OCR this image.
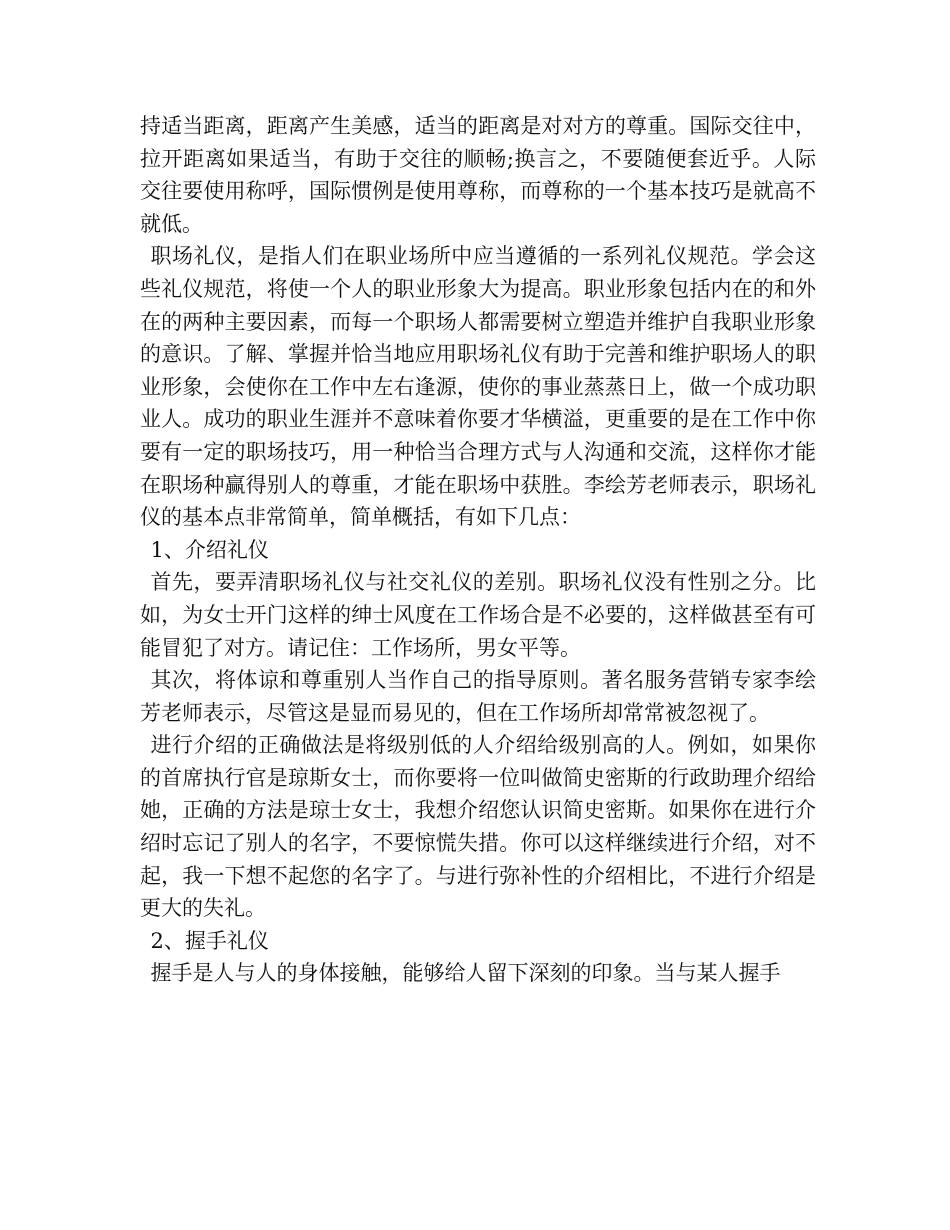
持适当距离，距离产生美感，适当的距离是对对方的尊重。国际交往中，拉开距离如果适当，有助于交往的顺畅;换言之，不要随便套近乎。人际交往要使用称呼，国际惯例是使用尊称，而尊称的一个基本技巧是就高不就低。

职场礼仪，是指人们在职业场所中应当遵循的一系列礼仪规范。学会这些礼仪规范，将使一个人的职业形象大为提高。职业形象包括内在的和外在的两种主要因素，而每一个职场人都需要树立塑造并维护自我职业形象的意识。了解、掌握并恰当地应用职场礼仪有助于完善和维护职场人的职业形象，会使你在工作中左右逢源，使你的事业蒸蒸日上，做一个成功职业人。成功的职业生涯并不意味着你要才华横溢，更重要的是在工作中你要有一定的职场技巧，用一种恰当合理方式与人沟通和交流，这样你才能在职场种赢得别人的尊重，才能在职场中获胜。李绘芳老师表示，职场礼仪的基本点非常简单，简单概括，有如下几点：

1、介绍礼仪

首先，要弄清职场礼仪与社交礼仪的差别。职场礼仪没有性别之分。比如，为女士开门这样的绅士风度在工作场合是不必要的，这样做甚至有可能冒犯了对方。请记住：工作场所，男女平等。

其次，将体谅和尊重别人当作自己的指导原则。著名服务营销专家李绘芳老师表示，尽管这是显而易见的，但在工作场所却常常被忽视了。

进行介绍的正确做法是将级别低的人介绍给级别高的人。例如，如果你的首席执行官是琼斯女士，而你要将一位叫做简史密斯的行政助理介绍给她，正确的方法是琼士女士，我想介绍您认识简史密斯。如果你在进行介绍时忘记了别人的名字，不要惊慌失措。你可以这样继续进行介绍，对不起，我一下想不起您的名字了。与进行弥补性的介绍相比，不进行介绍是更大的失礼。

2、握手礼仪

握手是人与人的身体接触，能够给人留下深刻的印象。当与某人握手
